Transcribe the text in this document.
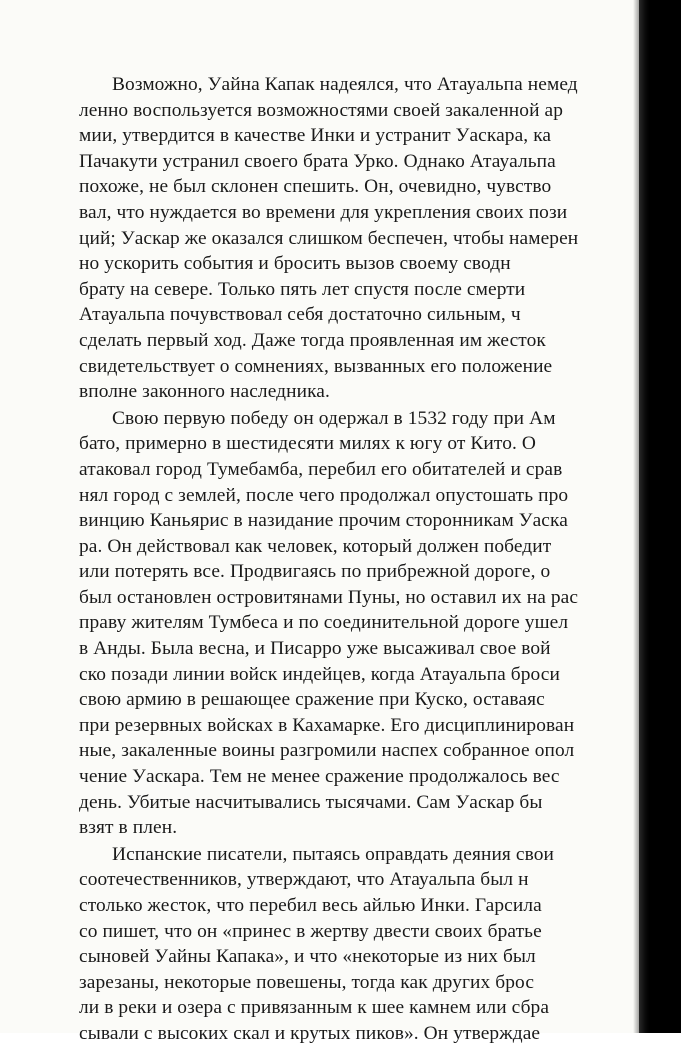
Возможно, Уайна Капак надеялся, что Атауальпа немед
ленно воспользуется возможностями своей закаленной ар
мии, утвердится в качестве Инки и устранит Уаскара, ка
Пачакути устранил своего брата Урко. Однако Атауальпа
похоже, не был склонен спешить. Он, очевидно, чувство
вал, что нуждается во времени для укрепления своих пози
ций; Уаскар же оказался слишком беспечен, чтобы намерен
но ускорить события и бросить вызов своему сводн
брату на севере. Только пять лет спустя после смерти
Атауальпа почувствовал себя достаточно сильным, ч
сделать первый ход. Даже тогда проявленная им жесток
свидетельствует о сомнениях, вызванных его положение
вполне законного наследника.

Свою первую победу он одержал в 1532 году при Ам
бато, примерно в шестидесяти милях к югу от Кито. О
атаковал город Тумебамба, перебил его обитателей и срав
нял город с землей, после чего продолжал опустошать про
винцию Каньярис в назидание прочим сторонникам Уаска
ра. Он действовал как человек, который должен победит
или потерять все. Продвигаясь по прибрежной дороге, о
был остановлен островитянами Пуны, но оставил их на рас
праву жителям Тумбеса и по соединительной дороге ушел
в Анды. Была весна, и Писарро уже высаживал свое вой
ско позади линии войск индейцев, когда Атауальпа броси
свою армию в решающее сражение при Куско, оставаяс
при резервных войсках в Кахамарке. Его дисциплинирован
ные, закаленные воины разгромили наспех собранное опол
чение Уаскара. Тем не менее сражение продолжалось вес
день. Убитые насчитывались тысячами. Сам Уаскар бы
взят в плен.

Испанские писатели, пытаясь оправдать деяния свои
соотечественников, утверждают, что Атауальпа был н
столько жесток, что перебил весь айлью Инки. Гарсила
со пишет, что он «принес в жертву двести своих братье
сыновей Уайны Капака», и что «некоторые из них был
зарезаны, некоторые повешены, тогда как других брос
ли в реки и озера с привязанным к шее камнем или сбра
сывали с высоких скал и крутых пиков». Он утверждае
